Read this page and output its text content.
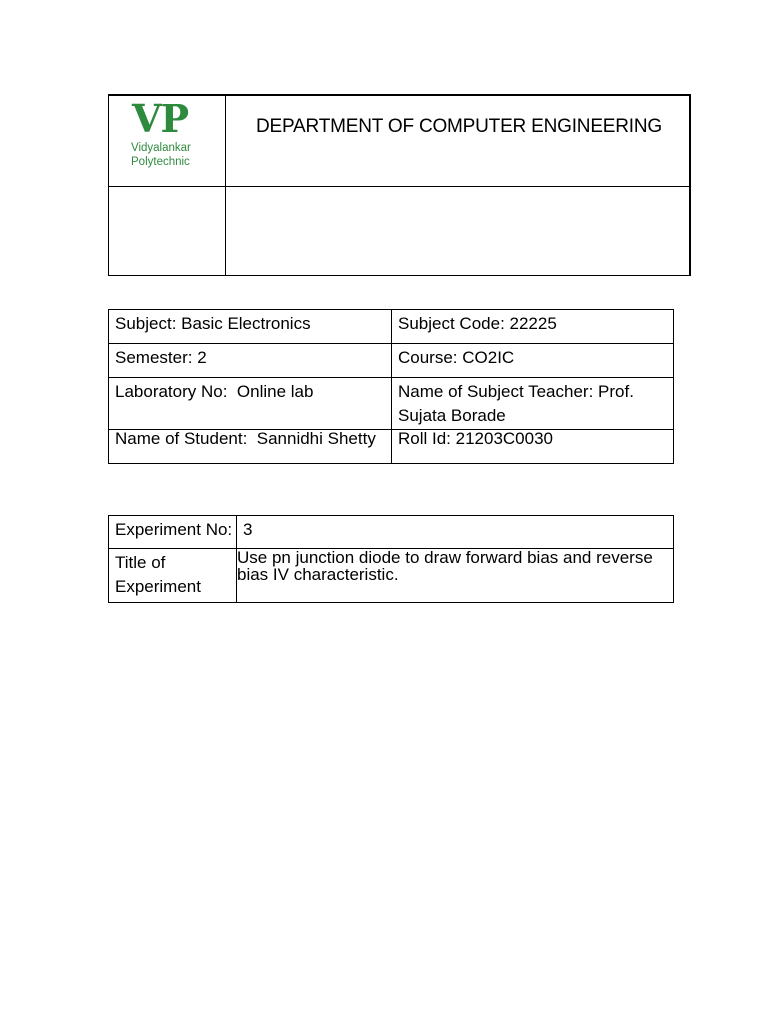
VP
Vidyalankar
Polytechnic
DEPARTMENT OF COMPUTER ENGINEERING
Subject: Basic Electronics	Subject Code: 22225
Semester: 2	Course: CO2IC
Laboratory No:  Online lab	Name of Subject Teacher: Prof. Sujata Borade
Name of Student:  Sannidhi Shetty	Roll Id: 21203C0030
Experiment No:	3

Title of Experiment	Use pn junction diode to draw forward bias and reverse bias IV characteristic.
